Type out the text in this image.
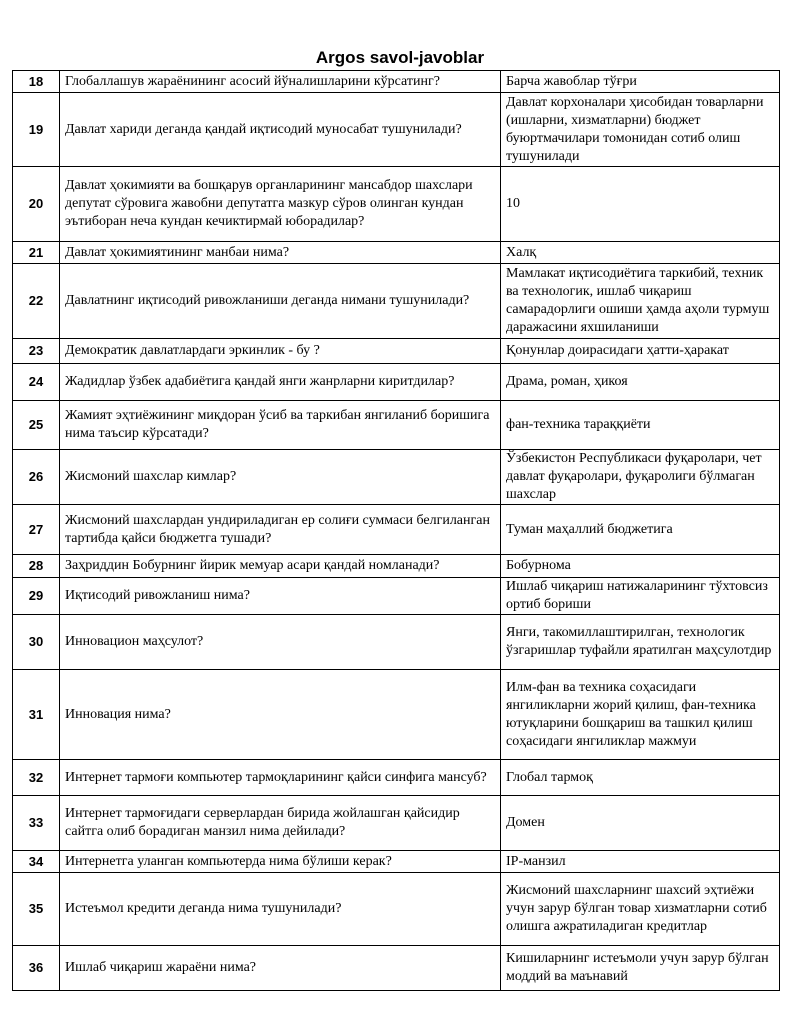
Argos savol-javoblar
18	Глобаллашув жараёнининг асосий йўналишларини кўрсатинг?	Барча жавоблар тўғри
19	Давлат хариди деганда қандай иқтисодий муносабат тушунилади?	Давлат корхоналари ҳисобидан товарларни (ишларни, хизматларни) бюджет буюртмачилари томонидан сотиб олиш тушунилади
20	Давлат ҳокимияти ва бошқарув органларининг мансабдор шахслари депутат сўровига жавобни депутатга мазкур сўров олинган кундан эътиборан неча кундан кечиктирмай юборадилар?	10
21	Давлат ҳокимиятининг манбаи нима?	Халқ
22	Давлатнинг иқтисодий ривожланиши деганда нимани тушунилади?	Мамлакат иқтисодиётига таркибий, техник ва технологик, ишлаб чиқариш самарадорлиги ошиши ҳамда аҳоли турмуш даражасини яхшиланиши
23	Демократик давлатлардаги эркинлик - бу ?	Қонунлар доирасидаги ҳатти-ҳаракат
24	Жадидлар ўзбек адабиётига қандай янги жанрларни киритдилар?	Драма, роман, ҳикоя
25	Жамият эҳтиёжининг миқдоран ўсиб ва таркибан янгиланиб боришига нима таъсир кўрсатади?	фан-техника тараққиёти
26	Жисмоний шахслар кимлар?	Ўзбекистон Республикаси фуқаролари, чет давлат фуқаролари, фуқаролиги бўлмаган шахслар
27	Жисмоний шахслардан ундириладиган ер солиғи суммаси белгиланган тартибда қайси бюджетга тушади?	Туман маҳаллий бюджетига
28	Заҳриддин Бобурнинг йирик мемуар асари қандай номланади?	Бобурнома
29	Иқтисодий ривожланиш нима?	Ишлаб чиқариш натижаларининг тўхтовсиз ортиб бориши
30	Инновацион маҳсулот?	Янги, такомиллаштирилган, технологик ўзгаришлар туфайли яратилган маҳсулотдир
31	Инновация нима?	Илм-фан ва техника соҳасидаги янгиликларни жорий қилиш, фан-техника ютуқларини бошқариш ва ташкил қилиш соҳасидаги янгиликлар мажмуи
32	Интернет тармоғи компьютер тармоқларининг қайси синфига мансуб?	Глобал тармоқ
33	Интернет тармоғидаги серверлардан бирида жойлашган қайсидир сайтга олиб борадиган манзил нима дейилади?	Домен
34	Интернетга уланган компьютерда нима бўлиши керак?	IP-манзил
35	Истеъмол кредити деганда нима тушунилади?	Жисмоний шахсларнинг шахсий эҳтиёжи учун зарур бўлган товар хизматларни сотиб олишга ажратиладиган кредитлар
36	Ишлаб чиқариш жараёни нима?	Кишиларнинг истеъмоли учун зарур бўлган моддий ва маънавий
